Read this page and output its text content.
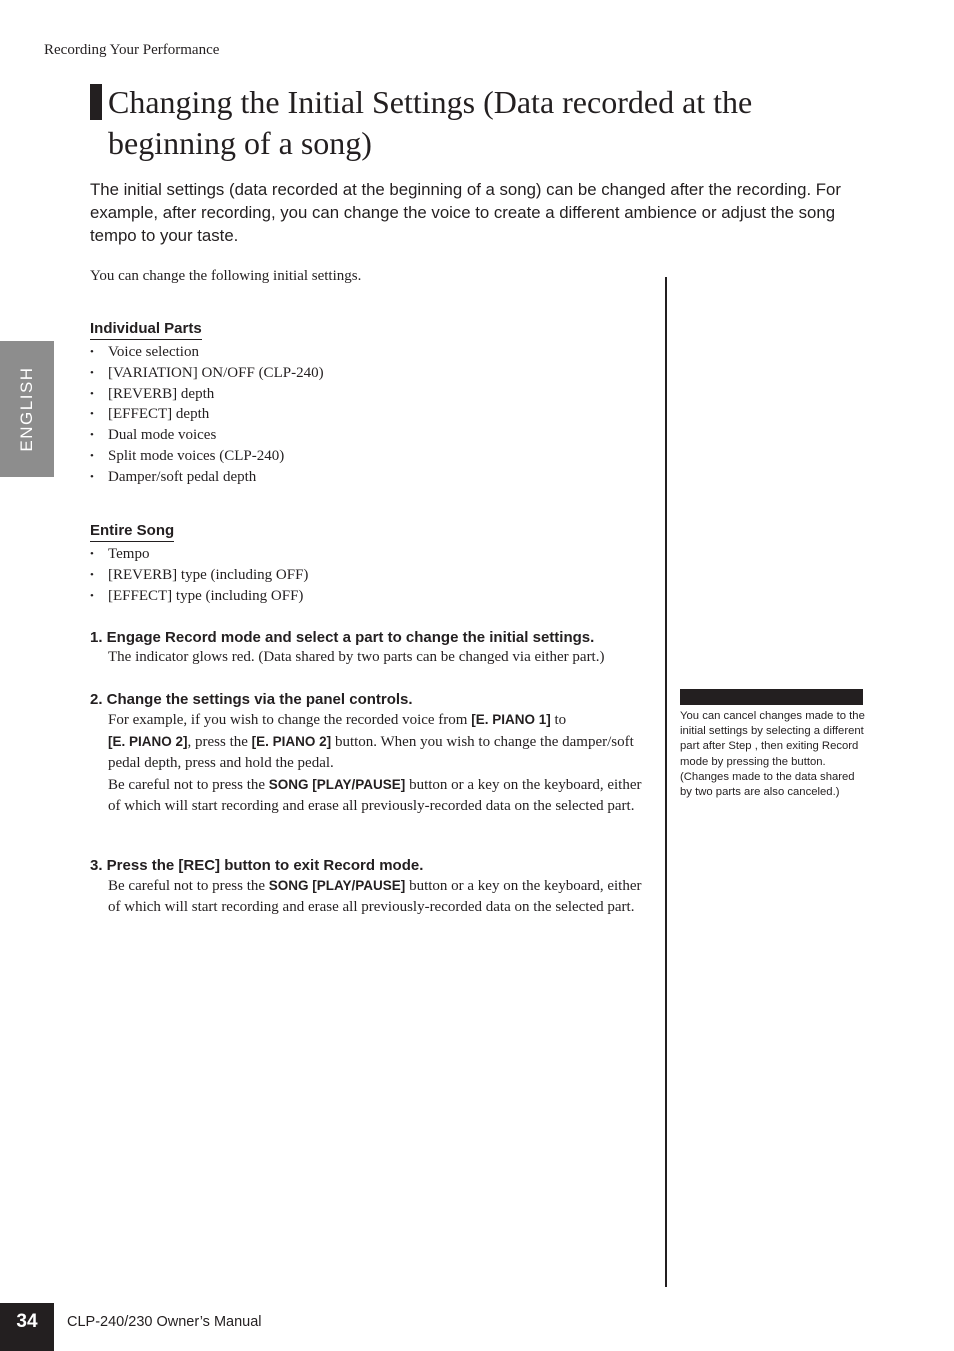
Recording Your Performance
Changing the Initial Settings (Data recorded at the beginning of a song)
The initial settings (data recorded at the beginning of a song) can be changed after the recording. For example, after recording, you can change the voice to create a different ambience or adjust the song tempo to your taste.
You can change the following initial settings.
Individual Parts
• Voice selection
• [VARIATION] ON/OFF (CLP-240)
• [REVERB] depth
• [EFFECT] depth
• Dual mode voices
• Split mode voices (CLP-240)
• Damper/soft pedal depth
Entire Song
• Tempo
• [REVERB] type (including OFF)
• [EFFECT] type (including OFF)
1. Engage Record mode and select a part to change the initial settings.
The indicator glows red. (Data shared by two parts can be changed via either part.)
2. Change the settings via the panel controls.
For example, if you wish to change the recorded voice from [E. PIANO 1] to
[E. PIANO 2], press the [E. PIANO 2] button. When you wish to change the damper/soft pedal depth, press and hold the pedal.
Be careful not to press the SONG [PLAY/PAUSE] button or a key on the keyboard, either of which will start recording and erase all previously-recorded data on the selected part.
3. Press the [REC] button to exit Record mode.
Be careful not to press the SONG [PLAY/PAUSE] button or a key on the keyboard, either of which will start recording and erase all previously-recorded data on the selected part.
You can cancel changes made to the initial settings by selecting a different part after Step , then exiting Record mode by pressing the button. (Changes made to the data shared by two parts are also canceled.)
ENGLISH
34	CLP-240/230 Owner’s Manual
